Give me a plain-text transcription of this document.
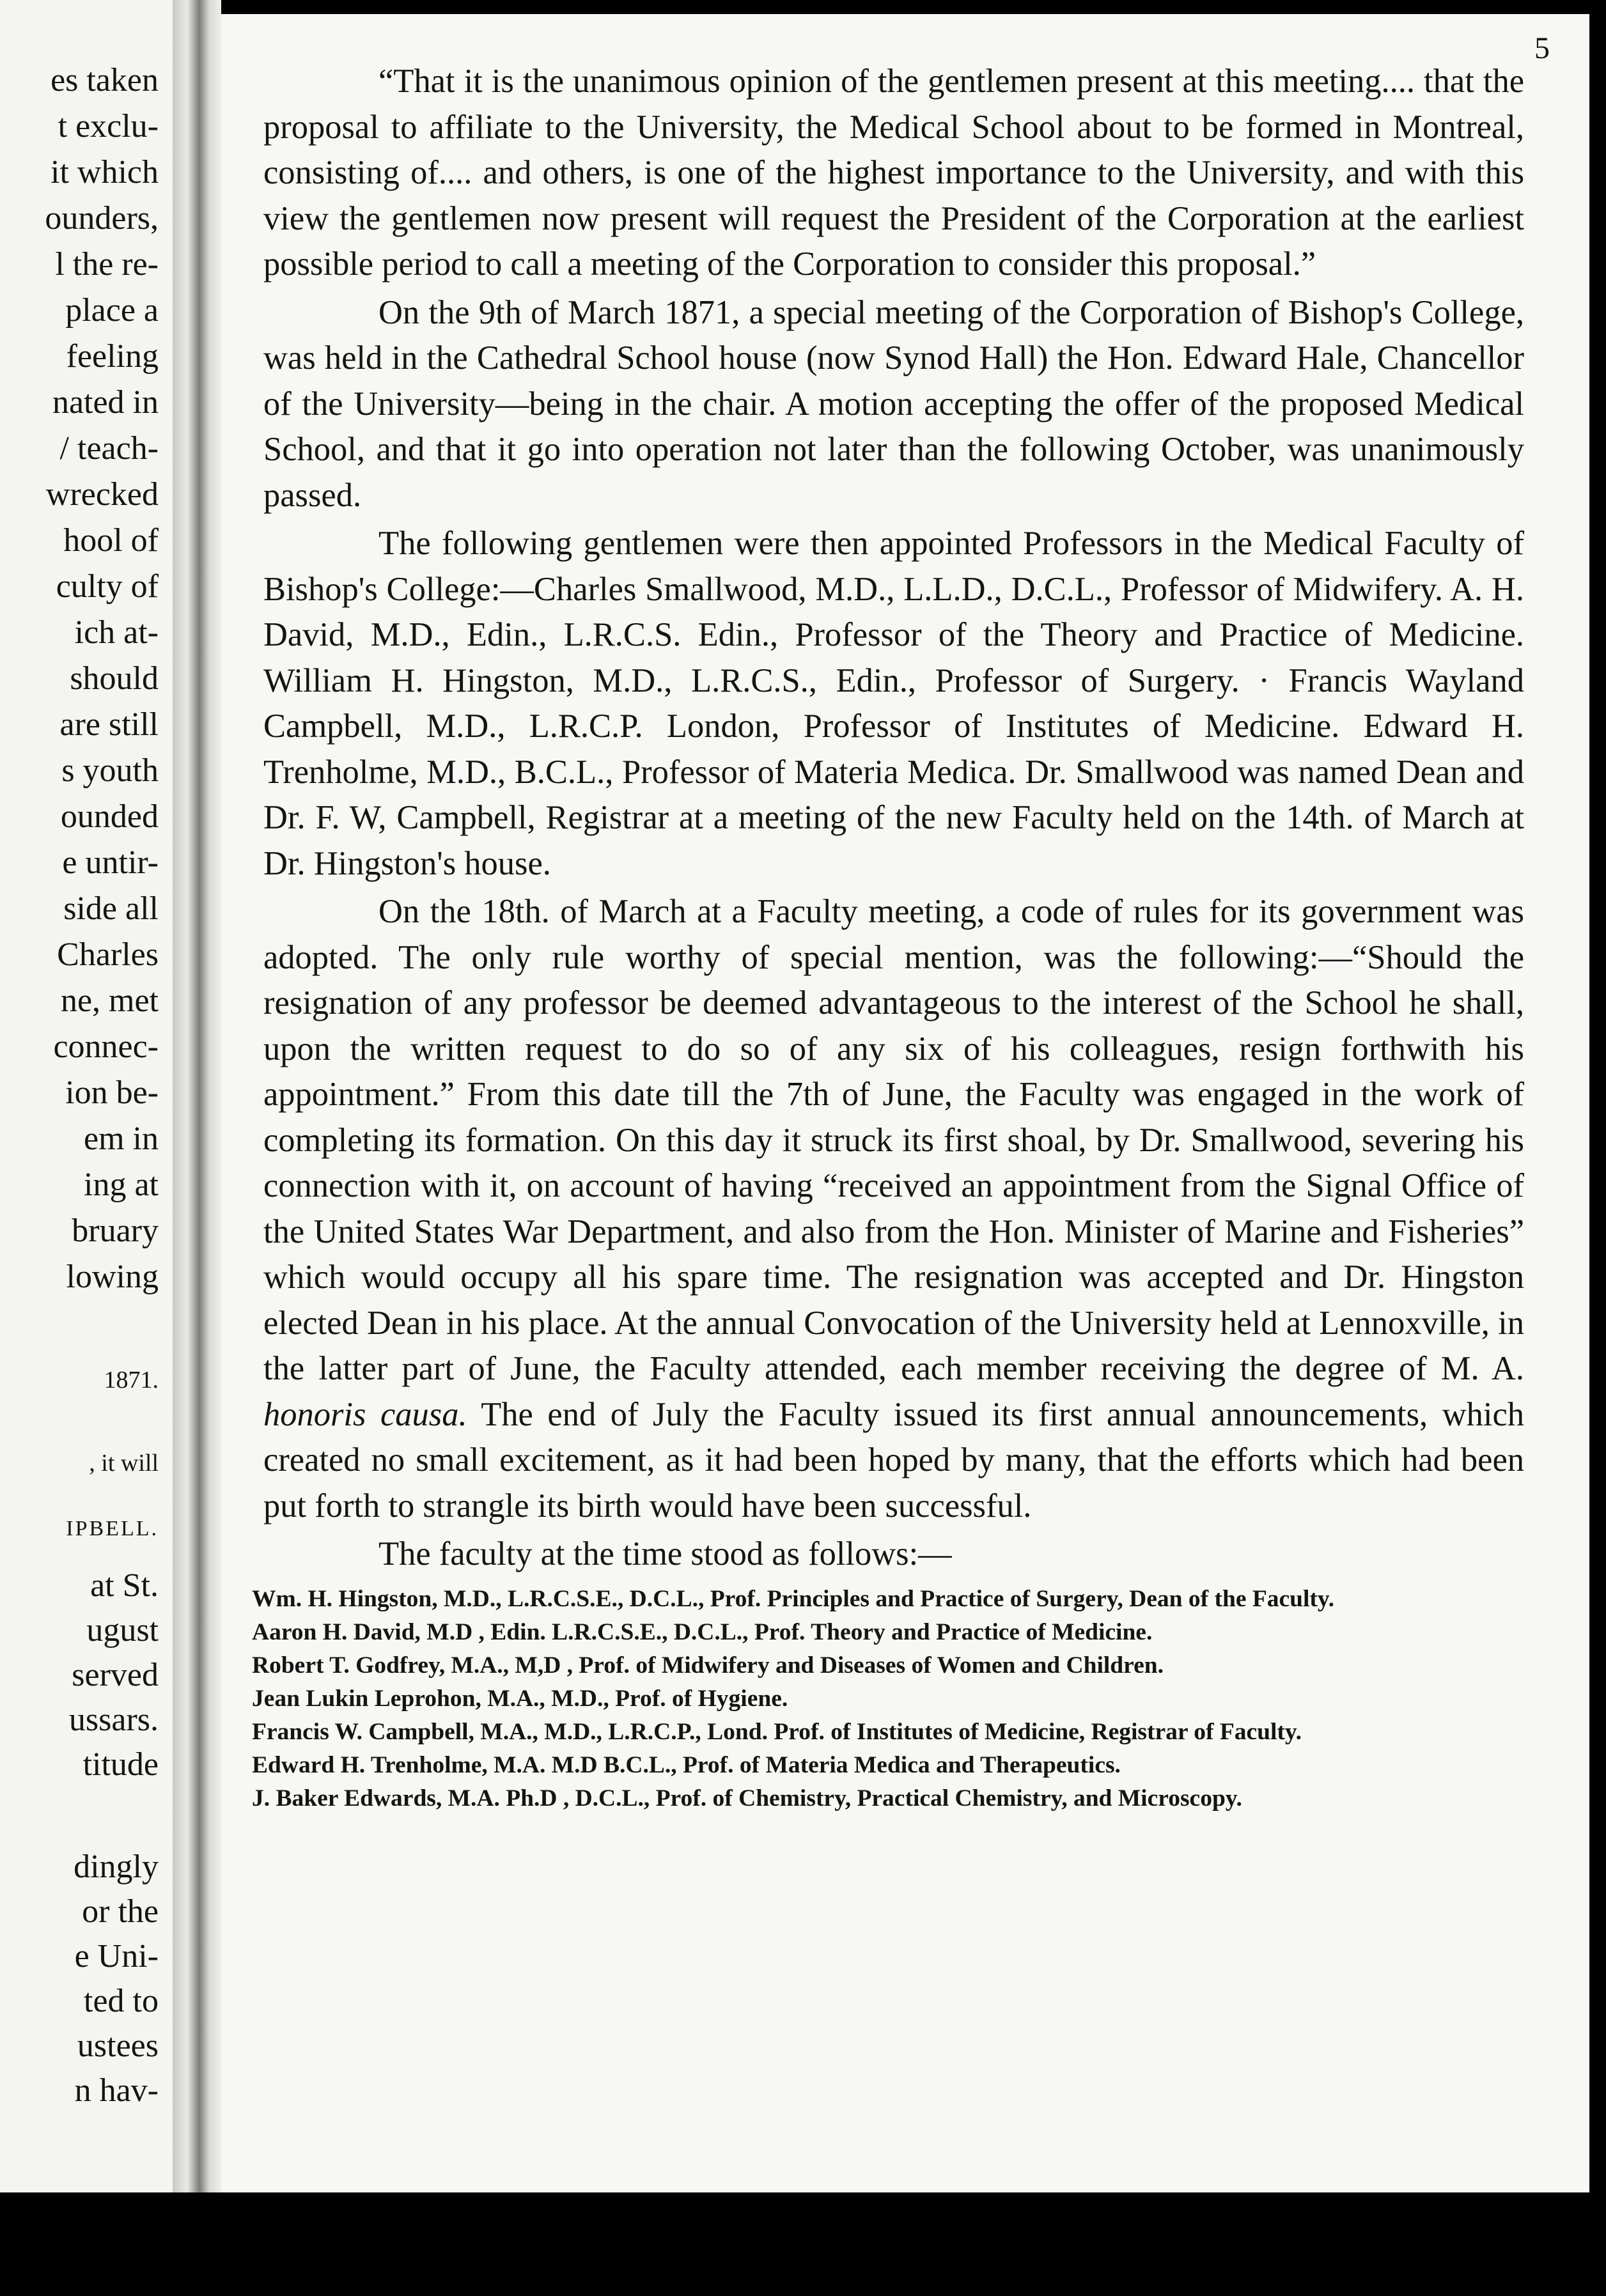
es taken
t exclu-
it which
ounders,
l the re-
place a
feeling
nated in
/ teach-
wrecked
hool of
culty of
ich at-
should
are still
s youth
ounded
e untir-
side all
Charles
ne, met
connec-
ion be-
em in
ing at
bruary
lowing
1871.
, it will
IPBELL.
at St.
ugust
served
ussars.
titude
dingly
or the
e Uni-
ted to
ustees
n hav-
5

“That it is the unanimous opinion of the gentlemen present at this meeting.... that the proposal to affiliate to the University, the Medical School about to be formed in Montreal, consisting of.... and others, is one of the highest importance to the University, and with this view the gentlemen now present will request the President of the Corporation at the earliest possible period to call a meeting of the Corporation to consider this proposal.”

On the 9th of March 1871, a special meeting of the Corporation of Bishop's College, was held in the Cathedral School house (now Synod Hall) the Hon. Edward Hale, Chancellor of the University—being in the chair. A motion accepting the offer of the proposed Medical School, and that it go into operation not later than the following October, was unanimously passed.

The following gentlemen were then appointed Professors in the Medical Faculty of Bishop's College:—Charles Smallwood, M.D., L.L.D., D.C.L., Professor of Midwifery. A. H. David, M.D., Edin., L.R.C.S. Edin., Professor of the Theory and Practice of Medicine. William H. Hingston, M.D., L.R.C.S., Edin., Professor of Surgery. · Francis Wayland Campbell, M.D., L.R.C.P. London, Professor of Institutes of Medicine. Edward H. Trenholme, M.D., B.C.L., Professor of Materia Medica. Dr. Smallwood was named Dean and Dr. F. W, Campbell, Registrar at a meeting of the new Faculty held on the 14th. of March at Dr. Hingston's house.

On the 18th. of March at a Faculty meeting, a code of rules for its government was adopted. The only rule worthy of special mention, was the following:—“Should the resignation of any professor be deemed advantageous to the interest of the School he shall, upon the written request to do so of any six of his colleagues, resign forthwith his appointment.” From this date till the 7th of June, the Faculty was engaged in the work of completing its formation. On this day it struck its first shoal, by Dr. Smallwood, severing his connection with it, on account of having “received an appointment from the Signal Office of the United States War Department, and also from the Hon. Minister of Marine and Fisheries” which would occupy all his spare time. The resignation was accepted and Dr. Hingston elected Dean in his place. At the annual Convocation of the University held at Lennoxville, in the latter part of June, the Faculty attended, each member receiving the degree of M. A. honoris causa. The end of July the Faculty issued its first annual announcements, which created no small excitement, as it had been hoped by many, that the efforts which had been put forth to strangle its birth would have been successful.

The faculty at the time stood as follows:—

Wm. H. Hingston, M.D., L.R.C.S.E., D.C.L., Prof. Principles and Practice of Surgery, Dean of the Faculty.
Aaron H. David, M.D , Edin. L.R.C.S.E., D.C.L., Prof. Theory and Practice of Medicine.
Robert T. Godfrey, M.A., M,D , Prof. of Midwifery and Diseases of Women and Children.
Jean Lukin Leprohon, M.A., M.D., Prof. of Hygiene.
Francis W. Campbell, M.A., M.D., L.R.C.P., Lond. Prof. of Institutes of Medicine, Registrar of Faculty.
Edward H. Trenholme, M.A. M.D B.C.L., Prof. of Materia Medica and Therapeutics.
J. Baker Edwards, M.A. Ph.D , D.C.L., Prof. of Chemistry, Practical Chemistry, and Microscopy.
